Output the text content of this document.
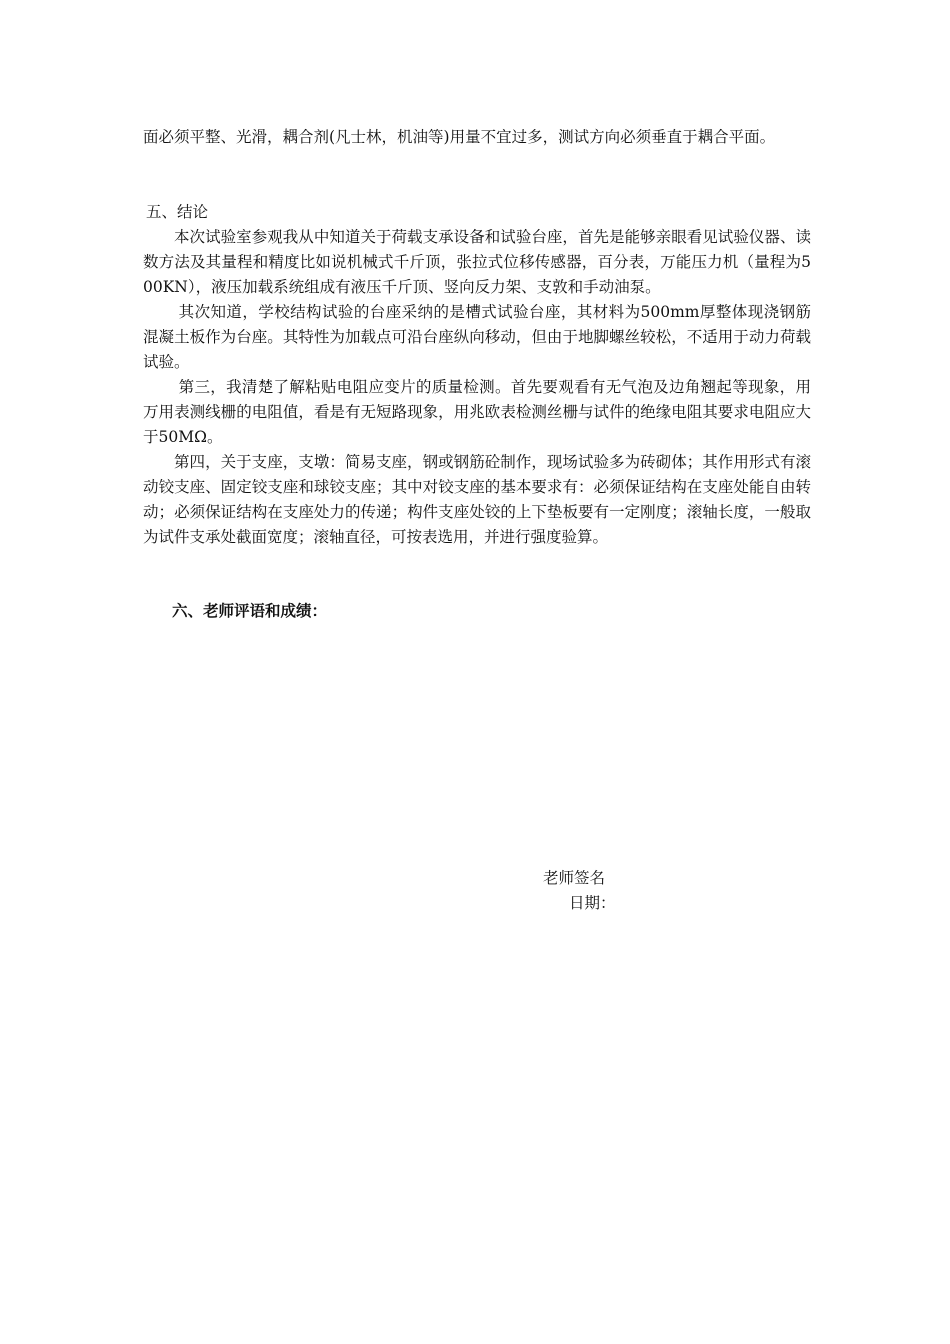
面必须平整、光滑，耦合剂(凡士林，机油等)用量不宜过多，测试方向必须垂直于耦合平面。

五、结论

本次试验室参观我从中知道关于荷载支承设备和试验台座，首先是能够亲眼看见试验仪器、读数方法及其量程和精度比如说机械式千斤顶，张拉式位移传感器，百分表，万能压力机（量程为500KN），液压加载系统组成有液压千斤顶、竖向反力架、支敦和手动油泵。

其次知道，学校结构试验的台座采纳的是槽式试验台座，其材料为500mm厚整体现浇钢筋混凝土板作为台座。其特性为加载点可沿台座纵向移动，但由于地脚螺丝较松，不适用于动力荷载试验。

第三，我清楚了解粘贴电阻应变片的质量检测。首先要观看有无气泡及边角翘起等现象，用万用表测线栅的电阻值，看是有无短路现象，用兆欧表检测丝栅与试件的绝缘电阻其要求电阻应大于50MΩ。

第四，关于支座，支墩：简易支座，钢或钢筋砼制作，现场试验多为砖砌体；其作用形式有滚动铰支座、固定铰支座和球铰支座；其中对铰支座的基本要求有：必须保证结构在支座处能自由转动；必须保证结构在支座处力的传递；构件支座处铰的上下垫板要有一定刚度；滚轴长度，一般取为试件支承处截面宽度；滚轴直径，可按表选用，并进行强度验算。

六、老师评语和成绩：

老师签名

日期：
